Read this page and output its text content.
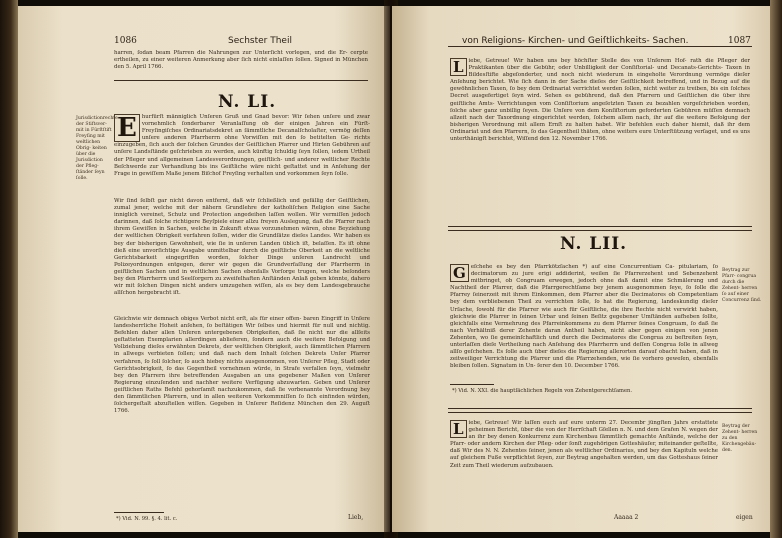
1086	Sechster Theil
harren, ſodan beam Pfarren die Nahrungen zur Unterſicht vorlegen, und die Er- cerpte ertheilen, zu einer weiteren Anmerkung aber ſich nicht einlaſſen ſollen. Signed in München den 5. April 1766.
N. LI.
Jurisdictionrechte der Stiftsver- mit in Fürſtſtift Freyſing mit weltlichen Obrig- keiten über die Jurisdiction der Pfleg- ſtänder ſeyn ſolle.
E hurfürſt männiglich Unſeren Gruß und Gnad bevor: Wir ſehen unſere und zwar vornehmlich ſonderbarer Veranlaſſung ob der einigen Jahren ein Fürſt- Freyſingiſches Ordinariatsdekret an ſämmtliche Decanalſcholaſter, vermög deſſen unſere anderen Pfarrherrn ohne Vorwiſſen mit den ſo betitelten Ge- richts einzugeben, ſich auch der ſolchen Grundes der Geiſtlichen Pfarrer und Hirten Gebühren auf unſere Landsſtände geſchrieben zu werden, auch künftig ſchuldig ſeyn ſollen, iedem Urtheil der Pfleger und allgemeinen Landesverordnungen, geiſtlich- und anderer weltlicher Rechte Beſchwerde zur Verhandlung bis ins Geiſtliche wäre nicht geſtattet und in Anſehung der Frage in gewiſſem Maße jenem Biſchof Freyſing verhalten und vorkommen ſeyn ſolle.
Wir ſind ſelbſt gar nicht davon entfernt, daß wir ſchließlich und gefällig der Geiſtlichen, zumal jener, welche mit der nähern Grundlehre der katholiſchen Religion eine Sache inniglich vereinet, Schutz und Protection angedeihen laſſen wollen. Wir vermiſſen jedoch darinnen, daß ſolche richtigere Beyſpiele einer allzu freyen Auslegung, daß die Pfarrer nach ihrem Gewiſſen in Sachen, welche in Zukunft etwas vorzunehmen wären, ohne Beyziehung der weltlichen Obrigkeit verfahren ſollen, wider die Grundſätze dieſes Landes. Wir haben es bey der bisherigen Gewohnheit, wie ſie in unſeren Landen üblich iſt, belaſſen. Es iſt ohne dieß eine unvorſichtige Ausgabe unmittelbar durch die geiſtliche Oberkeit an die weltliche Gerichtsbarkeit eingegriffen worden, ſolcher Dinge unſeren Landrecht und Polizeyordnungen entgegen, derer wir gegen die Grundverfaſſung der Pfarrherrn in geiſtlichen Sachen und in weltlichen Sachen ebenfalls Vorſorge trugen, welche beſonders bey den Pfarrherrn und Seelſorgern zu zweifelhaften Anſtänden Anlaß geben könnte, dahero wir mit ſolchen Dingen nicht anders umzugehen wiſſen, als es bey dem Landesgebrauche allſchon hergebracht iſt.
Gleichwie wir demnach obiges Verbot nicht erſt, als für einer offen- baren Eingriff in Unſere landesherrliche Hoheit anſehen, ſo beſtätigen Wir ſelbes und hiermit für null und nichtig. Befehlen daher allen Unſeren untergebenen Obrigkeiten, daß ſie nicht nur die allſeits geſtatteten Exemplarien allerdingen ablieferen, ſondern auch die weitere Befolgung und Vollziehung dieſes erwähnten Dekrets, der weltlichen Obrigkeit, auch ſämmtlichen Pfarrern in allwegs verbieten ſollen; und daß nach dem Inhalt ſolchen Dekrets Unſer Pfarrer verfahren, ſo ſoll ſolcher, ſo auch hiebey nichts ausgenommen, von Unſerer Pfleg, Stadt oder Gerichtsobrigkeit, ſo das Gegentheil vornehmen würde, in Strafe verfallen ſeyn, vielmehr bey den Pfarrern ihre betreffenden Ausgaben an uns gegebener Maßen von Unſerer Regierung einzuſenden und nachher weitere Verfügung abzuwarten. Geben und Unſerer geiſtlichen Raths Befehl gehorſamſt nachzukommen, daß ſie vorbenannte Verordnung bey den ſämmtlichen Pfarrern, und in allen weiteren Vorkommniſſen ſo ſich einfinden würden, ſolchergeſtalt abzuſtellen wiſſen. Gegeben in Unſerer Reſidenz München den 29. Auguſt 1766.
*) Vid. N. 99. §. 4. lit. c.	Lieb,
von Religions- Kirchen- und Geiſtlichkeits- Sachen.	1087
L iebe, Getreue! Wir haben uns bey höchſter Stelle des von Unſerem Hof- rath die Pfleger der Praktikanten über die Gebühr, oder Unbilligkeit der Conſiſtorial- und Decanats-Gerichts- Taxen in Bildesſtifte abgeſonderter, und noch nicht wiederum in eingeholte Verordnung vermöge dieſer Anſehung berichtet. Wie ſich dann in der Sache dieſes der Geiſtlichkeit betreffend, und in Bezug auf die gewöhnlichen Taxen, ſo bey dem Ordinariat verrichtet werden ſollen, nicht weiter zu treiben, bis ein ſolches Decret ausgefertiget ſeyn wird. Sehen es gebührend, daß den Pfarrern und Geiſtlichen die über ihre geiſtliche Amts- Verrichtungen vom Conſiſtorium angeſetzten Taxen zu bezahlen vorgeſchrieben worden, ſolche aber ganz unbillig ſeyen. Die Unſere von dem Konſiſtorium geforderten Gebühren müſſen demnach allzeit nach der Taxordnung eingerichtet werden, ſolchem allem nach, ihr auf die weitere Befolgung der bisherigen Verordnung mit allem Ernſt zu halten habet. Wir befehlen euch daher hiemit, daß ihr dem Ordinariat und den Pfarrern, ſo das Gegentheil thäten, ohne weiters eure Unterſtützung verſaget, und es uns unterthänigſt berichtet, Wiſſend den 12. November 1766.
N. LII.
G eſchehe es bey den Pfarrkötzſachen *) auf eine Concurrentiam Ca- pitulariam, ſo decimatorum zu jure erigi addiderint, weilen ſie Pfarrerzehent und Sebenzehent mitbringet, ob Congruam erwegen, jedoch ohne daß damit eine Schmälerung und Nachtheil der Pfarrer, daß die Pfarrgerechtſame bey jenem ausgenommen ſeye, ſo ſolle die Pfarrey ſeinerzeit mit ihrem Einkommen, dem Pfarrer aber die Decimatores ob Competentiam bey dem verbliebenen Theil zu verrichten ſolle, ſo hat die Regierung, landeskundig dieſer Urſache, ſowohl für die Pfarrer wie auch für Geiſtliche, die ihre Rechte nicht verwirkt haben, gleichwie die Pfarrer in ſeinen Urbar und ſeinen Beſitz gegebener Umſtänden aufheben ſollte, gleichfalls eine Vermehrung des Pfarreinkommens zu dem Pfarrer ſeines Congruam, ſo daß ſie nach Verhältniß derer Zehente daran Antheil haben, nicht aber gegen einigen von jenen Zehenten, wo ſie gemeinſchaftlich und durch die Decimatores die Congrua zu beſtreiten ſeyn, unterlaſſen dieſe Vertheilung nach Anſehung des Pfarrherrn und deſſen Congrua ſolle in allweg allſo geſchehen. Es ſolle auch über dieſes die Regierung allerorten darauf obacht haben, daß in zeitweiliger Verrichtung die Pfarrer und die Pfarrzehenden, wie ſie vorhero geweſen, ebenfalls bleiben ſollen. Signatum in Un- ſerer den 10. December 1766.
Beytrag zur Pfarr- congrua durch die Zehent- herren ſo auf einer Concurrenz ſind.
*) Vid. N. XXI. die hauptſächlichen Regeln von Zehentgerechtſamen.
L iebe, Getreue! Wir laſſen euch auf eure unterm 27. Decembr jüngſten Jahrs erstattete geheimen Bericht, über die von der Herrſchaft Gſellen n. N. und dem Grafen N. wegen der an ihr bey denen Konkurrenz zum Kirchenbau ſämmtlich gemachte Anſtände, welche der Pfarr- oder andern Kirchen der Pfleg- oder ſonſt zugehörigen Gotteshäuſer, miteinander geſtellte, daß Wir des N. N. Zehentes ſeiner, jenen als weltlicher Ordinarius, und bey den Kapituln welche auf gleichem Fuße verpflichtet ſeyen, zur Beytrag angehalten werden, um das Gotteshaus ſeiner Zeit zum Theil wiederum aufzubauen.
Beytrag der Zehent- herren zu den Kirchengebäu- den.
Aaaaa 2	eigen
